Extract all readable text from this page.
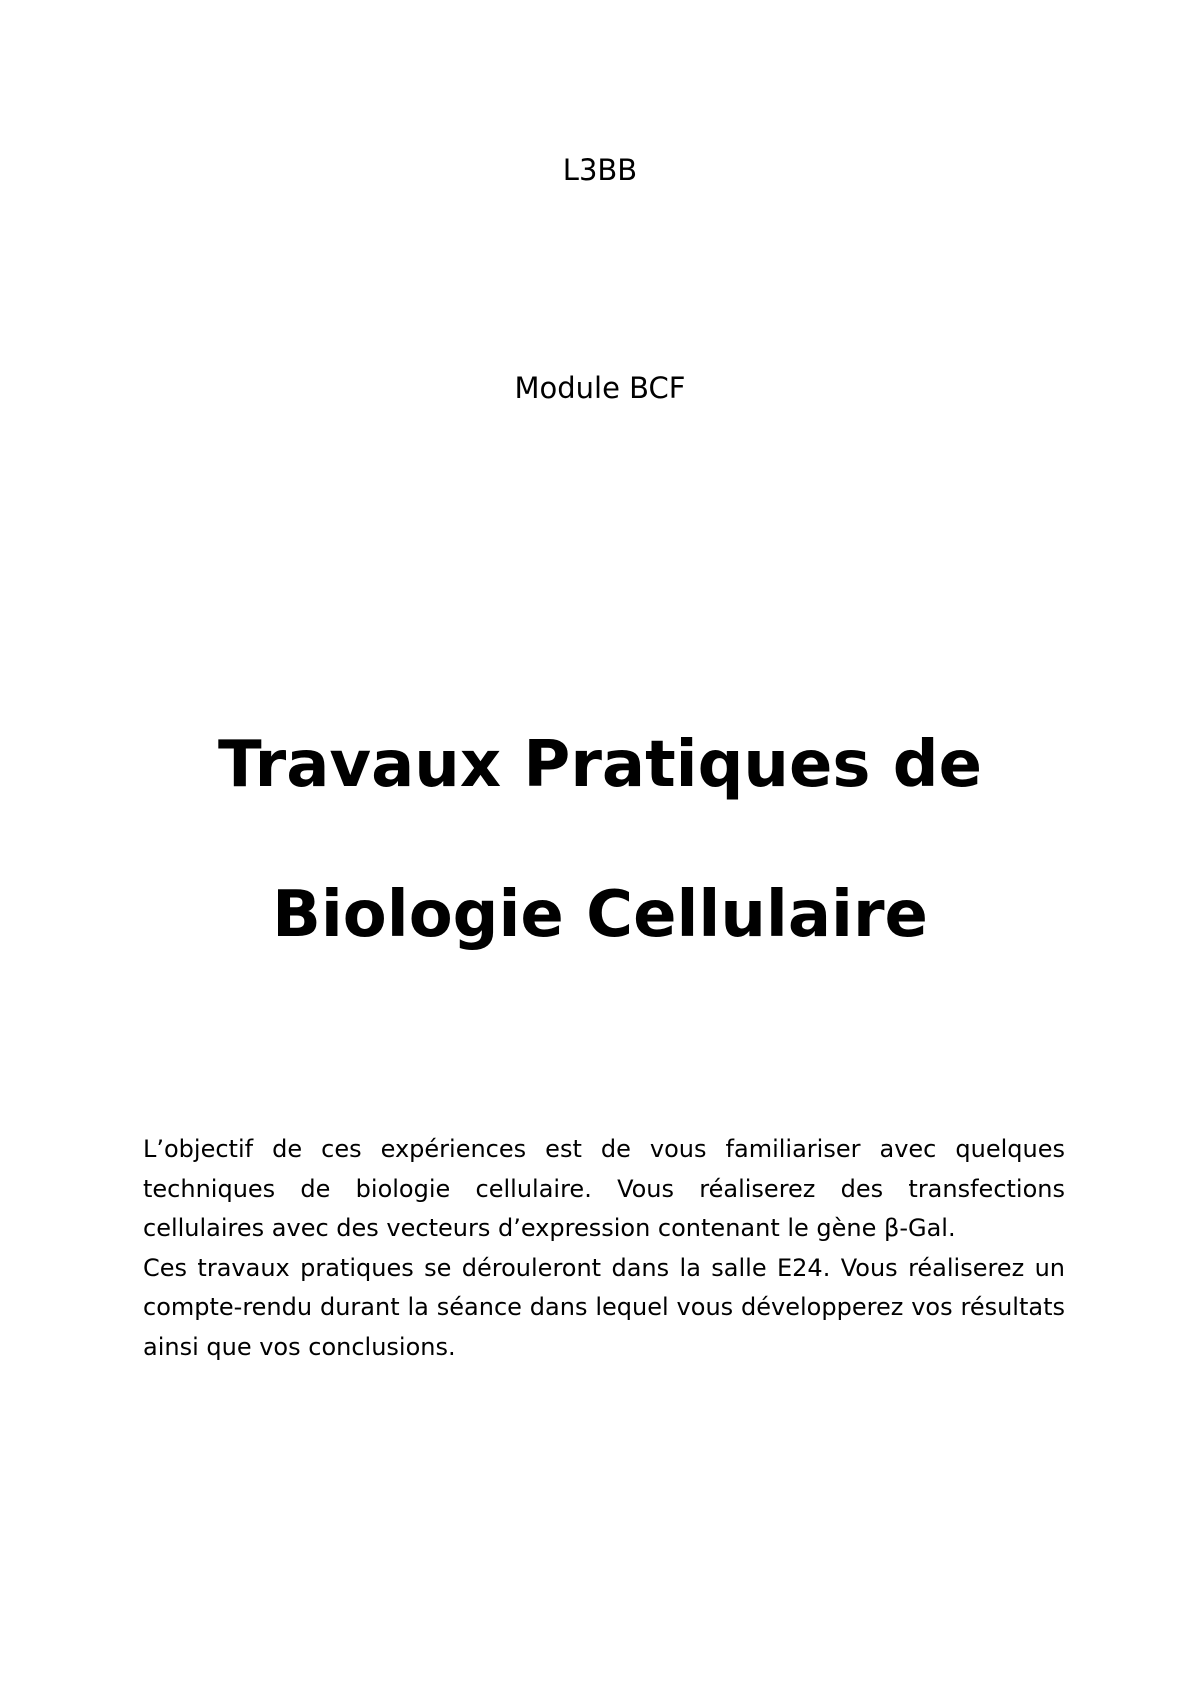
L3BB
Module BCF
Travaux Pratiques de
Biologie Cellulaire

L’objectif de ces expériences est de vous familiariser avec quelques techniques de biologie cellulaire. Vous réaliserez des transfections cellulaires avec des vecteurs d’expression contenant le gène β-Gal.

Ces travaux pratiques se dérouleront dans la salle E24. Vous réaliserez un compte-rendu durant la séance dans lequel vous développerez vos résultats ainsi que vos conclusions.
